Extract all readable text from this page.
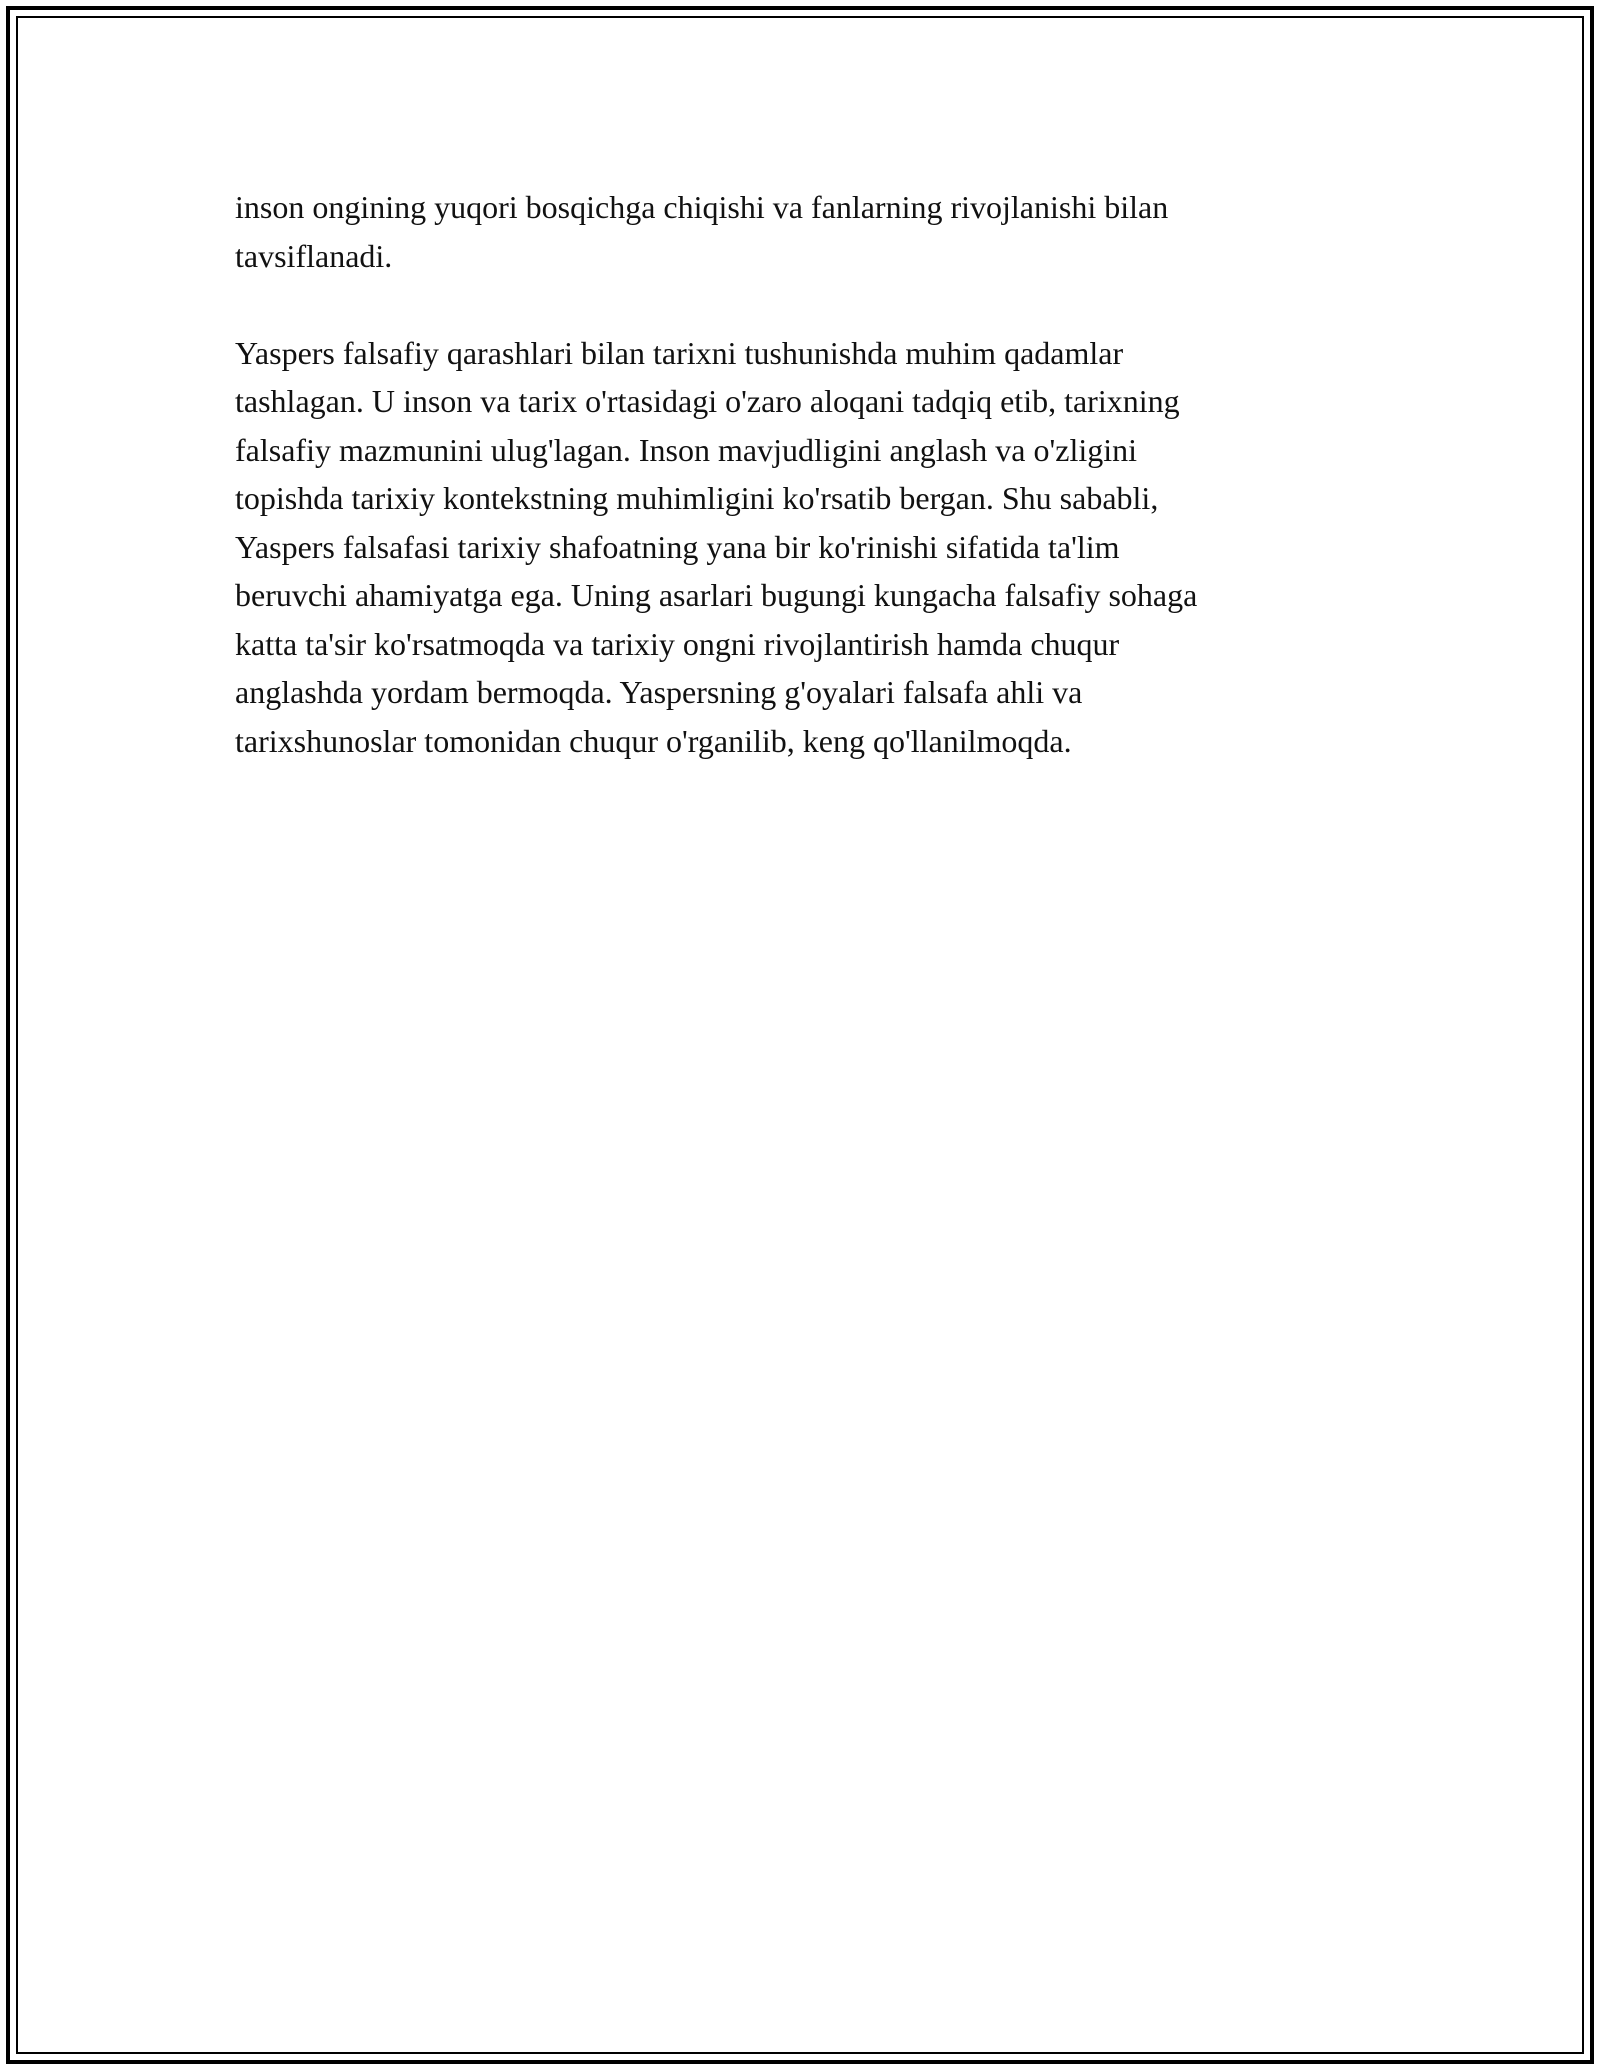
inson ongining yuqori bosqichga chiqishi va fanlarning rivojlanishi bilan
tavsiflanadi.

Yaspers falsafiy qarashlari bilan tarixni tushunishda muhim qadamlar
tashlagan. U inson va tarix o'rtasidagi o'zaro aloqani tadqiq etib, tarixning
falsafiy mazmunini ulug'lagan. Inson mavjudligini anglash va o'zligini
topishda tarixiy kontekstning muhimligini ko'rsatib bergan. Shu sababli,
Yaspers falsafasi tarixiy shafoatning yana bir ko'rinishi sifatida ta'lim
beruvchi ahamiyatga ega. Uning asarlari bugungi kungacha falsafiy sohaga
katta ta'sir ko'rsatmoqda va tarixiy ongni rivojlantirish hamda chuqur
anglashda yordam bermoqda. Yaspersning g'oyalari falsafa ahli va
tarixshunoslar tomonidan chuqur o'rganilib, keng qo'llanilmoqda.
